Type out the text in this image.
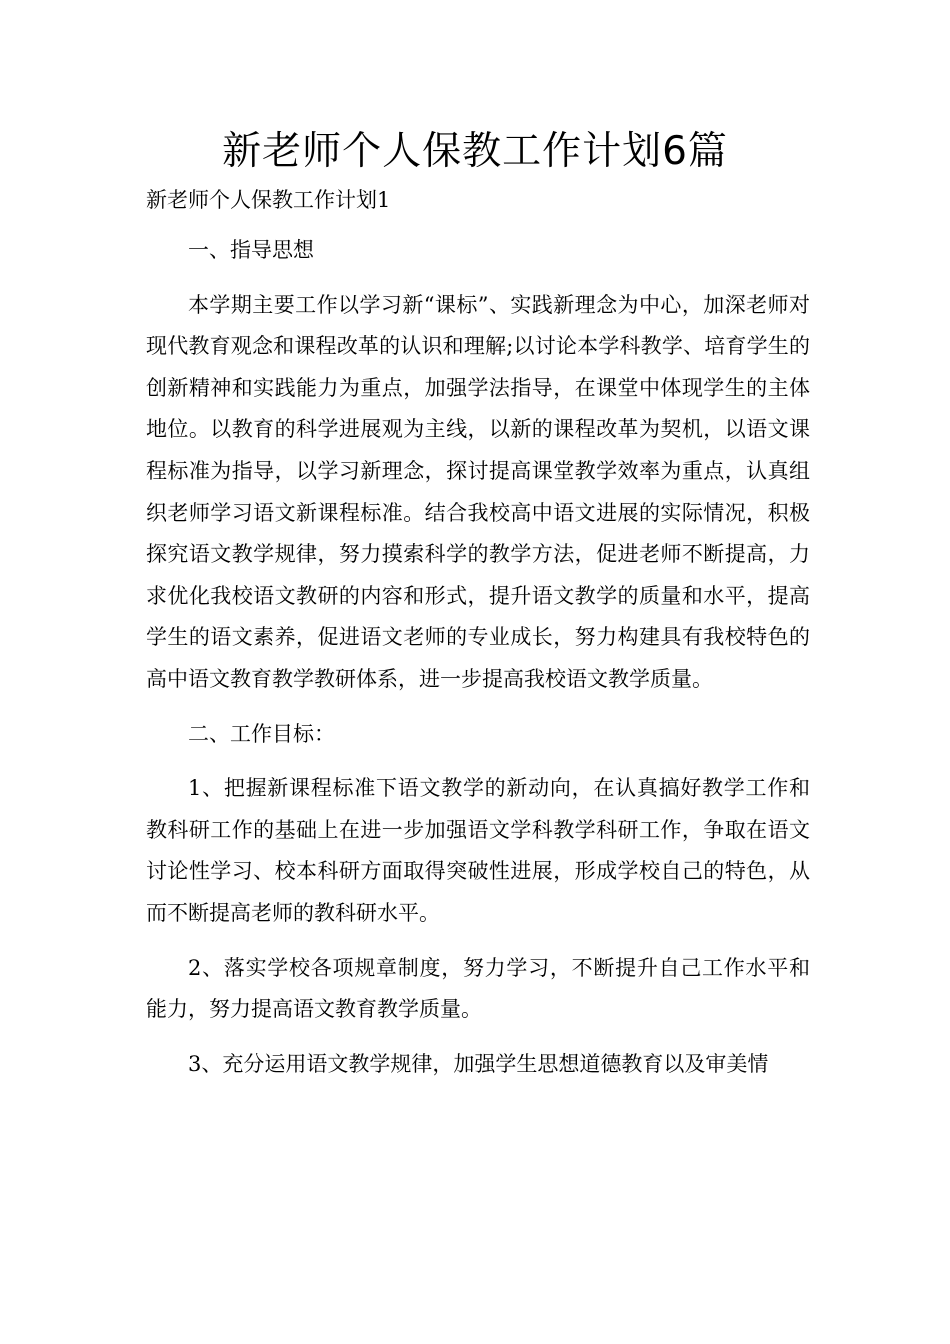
新老师个人保教工作计划6篇

新老师个人保教工作计划1

一、指导思想

本学期主要工作以学习新“课标”、实践新理念为中心，加深老师对现代教育观念和课程改革的认识和理解;以讨论本学科教学、培育学生的创新精神和实践能力为重点，加强学法指导，在课堂中体现学生的主体地位。以教育的科学进展观为主线，以新的课程改革为契机，以语文课程标准为指导，以学习新理念，探讨提高课堂教学效率为重点，认真组织老师学习语文新课程标准。结合我校高中语文进展的实际情况，积极探究语文教学规律，努力摸索科学的教学方法，促进老师不断提高，力求优化我校语文教研的内容和形式，提升语文教学的质量和水平，提高学生的语文素养，促进语文老师的专业成长，努力构建具有我校特色的高中语文教育教学教研体系，进一步提高我校语文教学质量。

二、工作目标：

1、把握新课程标准下语文教学的新动向，在认真搞好教学工作和教科研工作的基础上在进一步加强语文学科教学科研工作，争取在语文讨论性学习、校本科研方面取得突破性进展，形成学校自己的特色，从而不断提高老师的教科研水平。

2、落实学校各项规章制度，努力学习，不断提升自己工作水平和能力，努力提高语文教育教学质量。

3、充分运用语文教学规律，加强学生思想道德教育以及审美情
